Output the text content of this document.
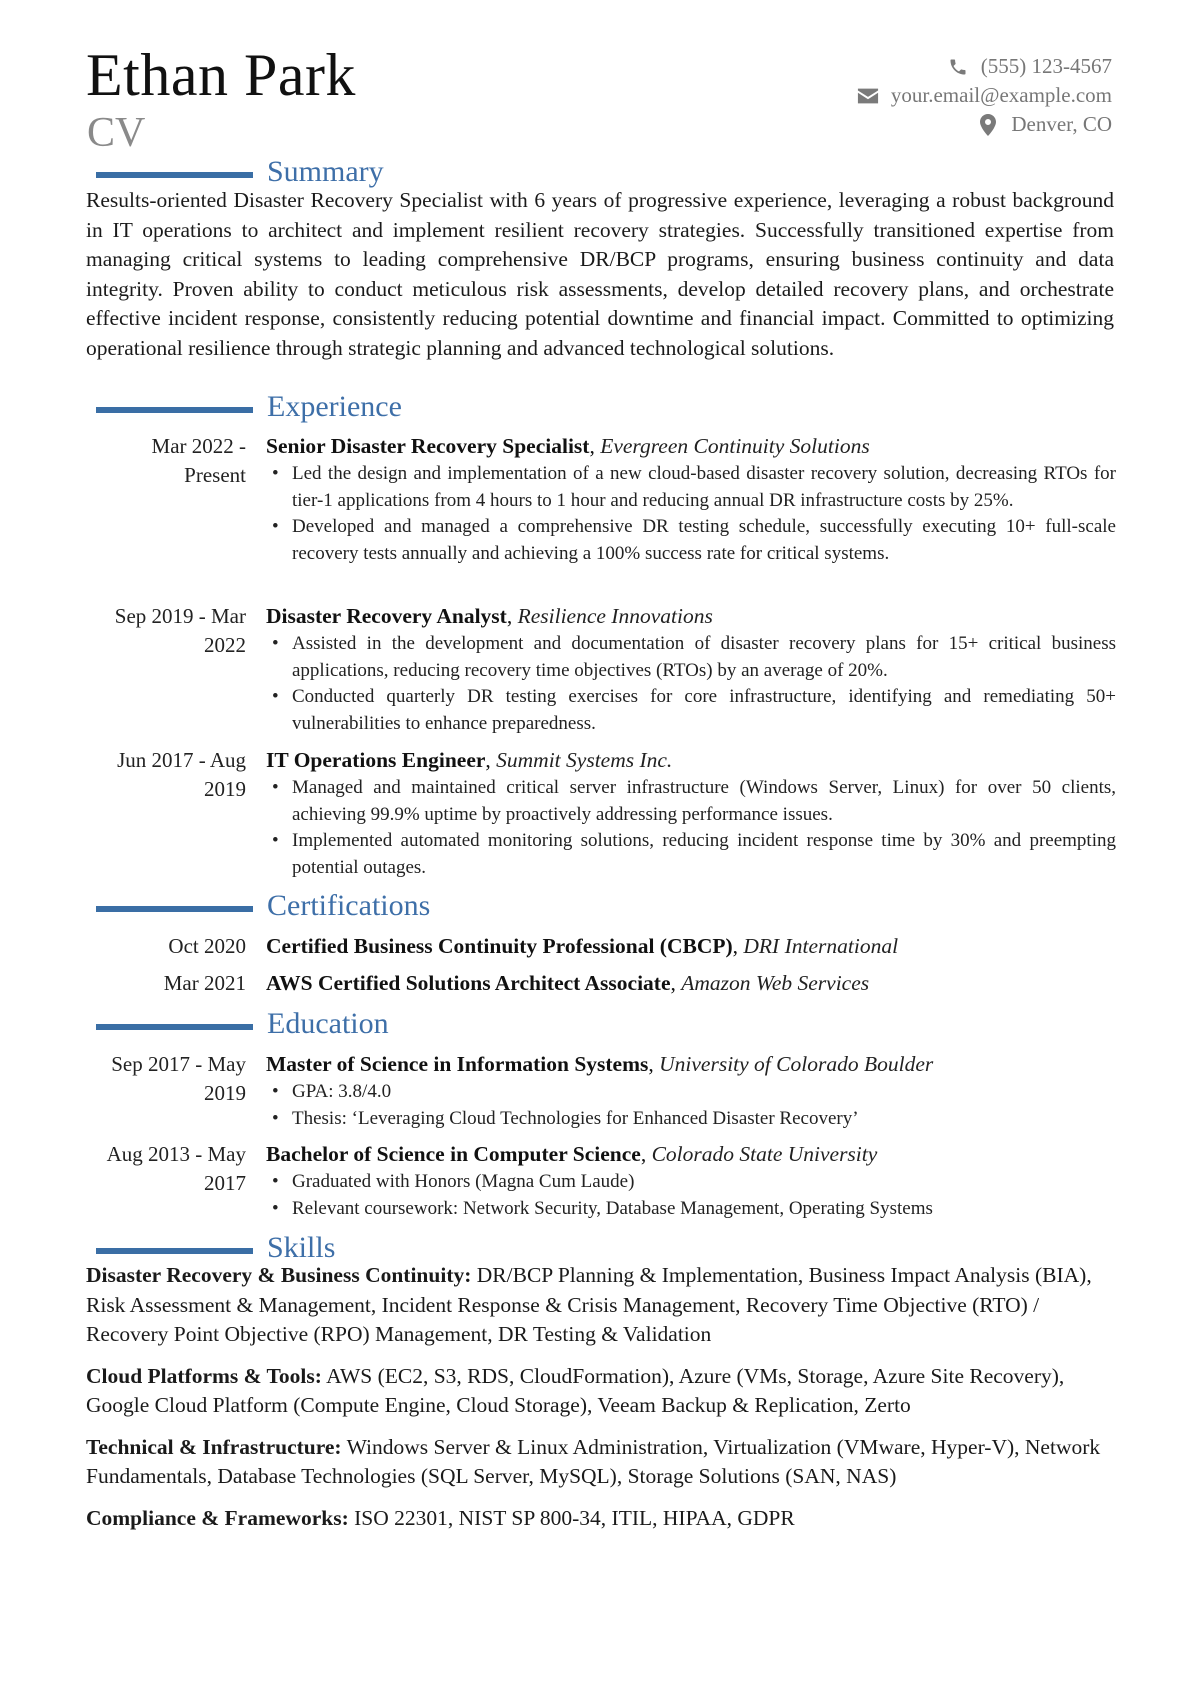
Ethan Park
CV
(555) 123-4567
your.email@example.com
Denver, CO
Summary
Results-oriented Disaster Recovery Specialist with 6 years of progressive experience, leveraging a robust background in IT operations to architect and implement resilient recovery strategies. Successfully transitioned expertise from managing critical systems to leading comprehensive DR/BCP programs, ensuring business continuity and data integrity. Proven ability to conduct meticulous risk assessments, develop detailed recovery plans, and orchestrate effective incident response, consistently reducing potential downtime and financial impact. Committed to optimizing operational resilience through strategic planning and advanced technological solutions.
Experience
Mar 2022 - Present
Senior Disaster Recovery Specialist, Evergreen Continuity Solutions
• Led the design and implementation of a new cloud-based disaster recovery solution, decreasing RTOs for tier-1 applications from 4 hours to 1 hour and reducing annual DR infrastructure costs by 25%.
• Developed and managed a comprehensive DR testing schedule, successfully executing 10+ full-scale recovery tests annually and achieving a 100% success rate for critical systems.
Sep 2019 - Mar 2022
Disaster Recovery Analyst, Resilience Innovations
• Assisted in the development and documentation of disaster recovery plans for 15+ critical business applications, reducing recovery time objectives (RTOs) by an average of 20%.
• Conducted quarterly DR testing exercises for core infrastructure, identifying and remediating 50+ vulnerabilities to enhance preparedness.
Jun 2017 - Aug 2019
IT Operations Engineer, Summit Systems Inc.
• Managed and maintained critical server infrastructure (Windows Server, Linux) for over 50 clients, achieving 99.9% uptime by proactively addressing performance issues.
• Implemented automated monitoring solutions, reducing incident response time by 30% and preempting potential outages.
Certifications
Oct 2020 Certified Business Continuity Professional (CBCP), DRI International
Mar 2021 AWS Certified Solutions Architect Associate, Amazon Web Services
Education
Sep 2017 - May 2019
Master of Science in Information Systems, University of Colorado Boulder
• GPA: 3.8/4.0
• Thesis: ‘Leveraging Cloud Technologies for Enhanced Disaster Recovery’
Aug 2013 - May 2017
Bachelor of Science in Computer Science, Colorado State University
• Graduated with Honors (Magna Cum Laude)
• Relevant coursework: Network Security, Database Management, Operating Systems
Skills
Disaster Recovery & Business Continuity: DR/BCP Planning & Implementation, Business Impact Analysis (BIA), Risk Assessment & Management, Incident Response & Crisis Management, Recovery Time Objective (RTO) / Recovery Point Objective (RPO) Management, DR Testing & Validation
Cloud Platforms & Tools: AWS (EC2, S3, RDS, CloudFormation), Azure (VMs, Storage, Azure Site Recovery), Google Cloud Platform (Compute Engine, Cloud Storage), Veeam Backup & Replication, Zerto
Technical & Infrastructure: Windows Server & Linux Administration, Virtualization (VMware, Hyper-V), Network Fundamentals, Database Technologies (SQL Server, MySQL), Storage Solutions (SAN, NAS)
Compliance & Frameworks: ISO 22301, NIST SP 800-34, ITIL, HIPAA, GDPR
